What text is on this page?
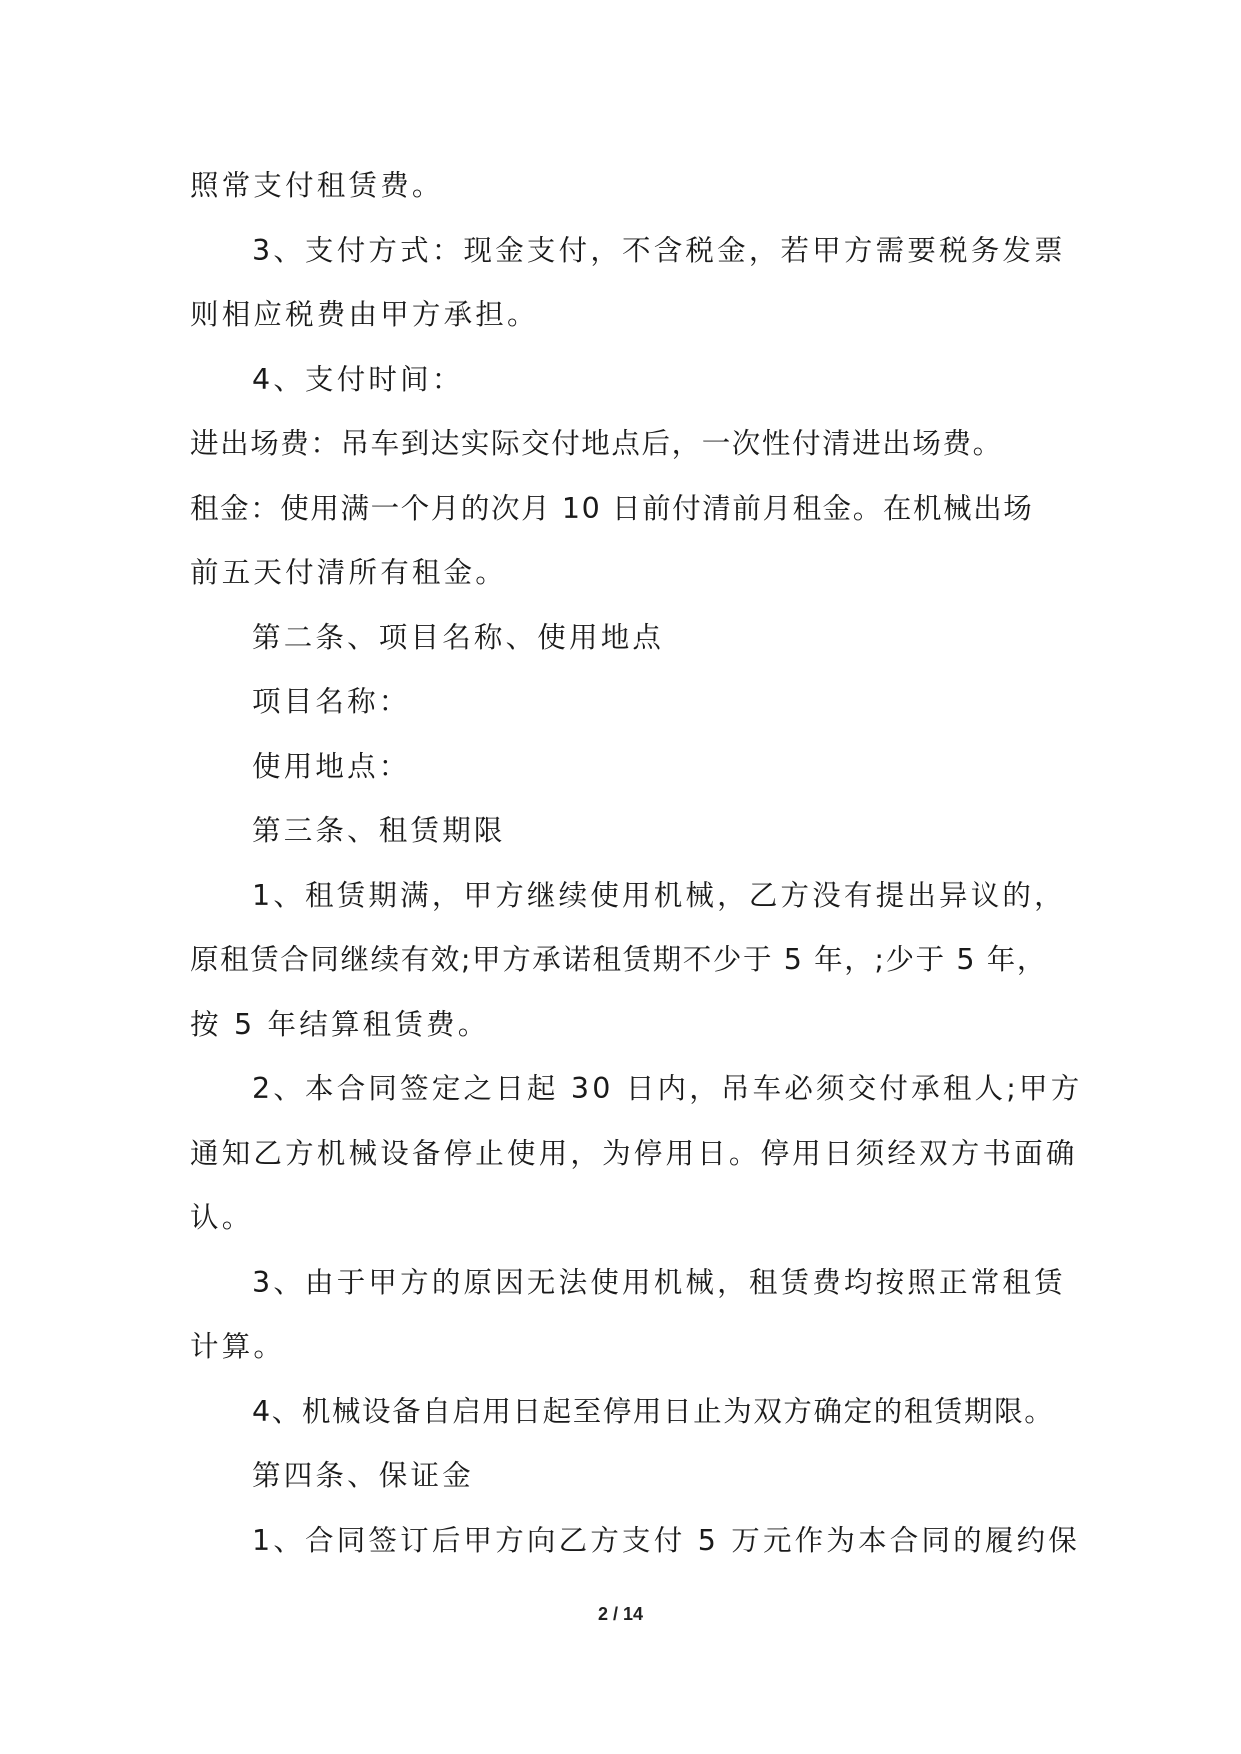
照常支付租赁费。
3、支付方式：现金支付，不含税金，若甲方需要税务发票
则相应税费由甲方承担。
4、支付时间：
进出场费：吊车到达实际交付地点后，一次性付清进出场费。
租金：使用满一个月的次月 10 日前付清前月租金。在机械出场
前五天付清所有租金。
第二条、项目名称、使用地点
项目名称：
使用地点：
第三条、租赁期限
1、租赁期满，甲方继续使用机械，乙方没有提出异议的，
原租赁合同继续有效;甲方承诺租赁期不少于 5 年，;少于 5 年，
按 5 年结算租赁费。
2、本合同签定之日起 30 日内，吊车必须交付承租人;甲方
通知乙方机械设备停止使用，为停用日。停用日须经双方书面确
认。
3、由于甲方的原因无法使用机械，租赁费均按照正常租赁
计算。
4、机械设备自启用日起至停用日止为双方确定的租赁期限。
第四条、保证金
1、合同签订后甲方向乙方支付 5 万元作为本合同的履约保
2 / 14
